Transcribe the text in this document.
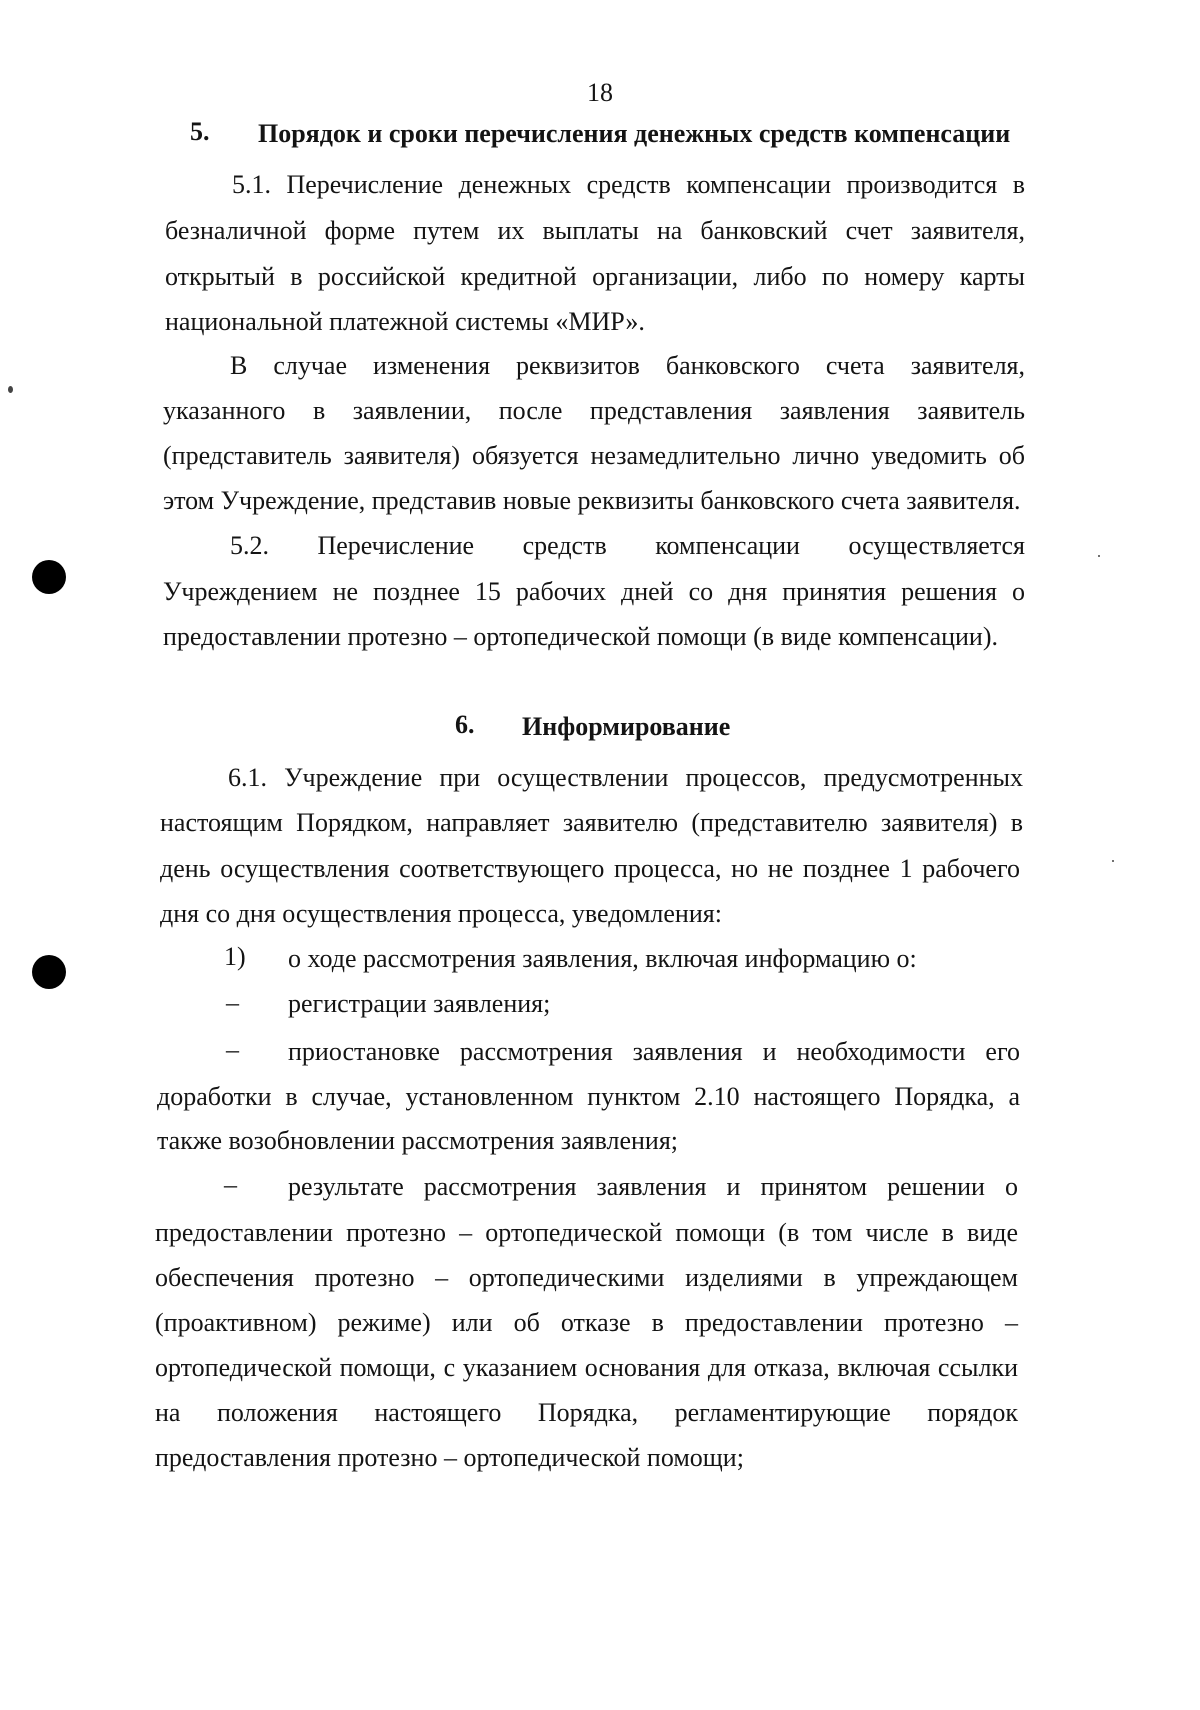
18
5. Порядок и сроки перечисления денежных средств компенсации
5.1. Перечисление денежных средств компенсации производится в
безналичной форме путем их выплаты на банковский счет заявителя,
открытый в российской кредитной организации, либо по номеру карты
национальной платежной системы «МИР».
В случае изменения реквизитов банковского счета заявителя,
указанного в заявлении, после представления заявления заявитель
(представитель заявителя) обязуется незамедлительно лично уведомить об
этом Учреждение, представив новые реквизиты банковского счета заявителя.
5.2. Перечисление средств компенсации осуществляется
Учреждением не позднее 15 рабочих дней со дня принятия решения о
предоставлении протезно – ортопедической помощи (в виде компенсации).
6. Информирование
6.1. Учреждение при осуществлении процессов, предусмотренных
настоящим Порядком, направляет заявителю (представителю заявителя) в
день осуществления соответствующего процесса, но не позднее 1 рабочего
дня со дня осуществления процесса, уведомления:
1) о ходе рассмотрения заявления, включая информацию о:
– регистрации заявления;
– приостановке рассмотрения заявления и необходимости его
доработки в случае, установленном пунктом 2.10 настоящего Порядка, а
также возобновлении рассмотрения заявления;
– результате рассмотрения заявления и принятом решении о
предоставлении протезно – ортопедической помощи (в том числе в виде
обеспечения протезно – ортопедическими изделиями в упреждающем
(проактивном) режиме) или об отказе в предоставлении протезно –
ортопедической помощи, с указанием основания для отказа, включая ссылки
на положения настоящего Порядка, регламентирующие порядок
предоставления протезно – ортопедической помощи;
